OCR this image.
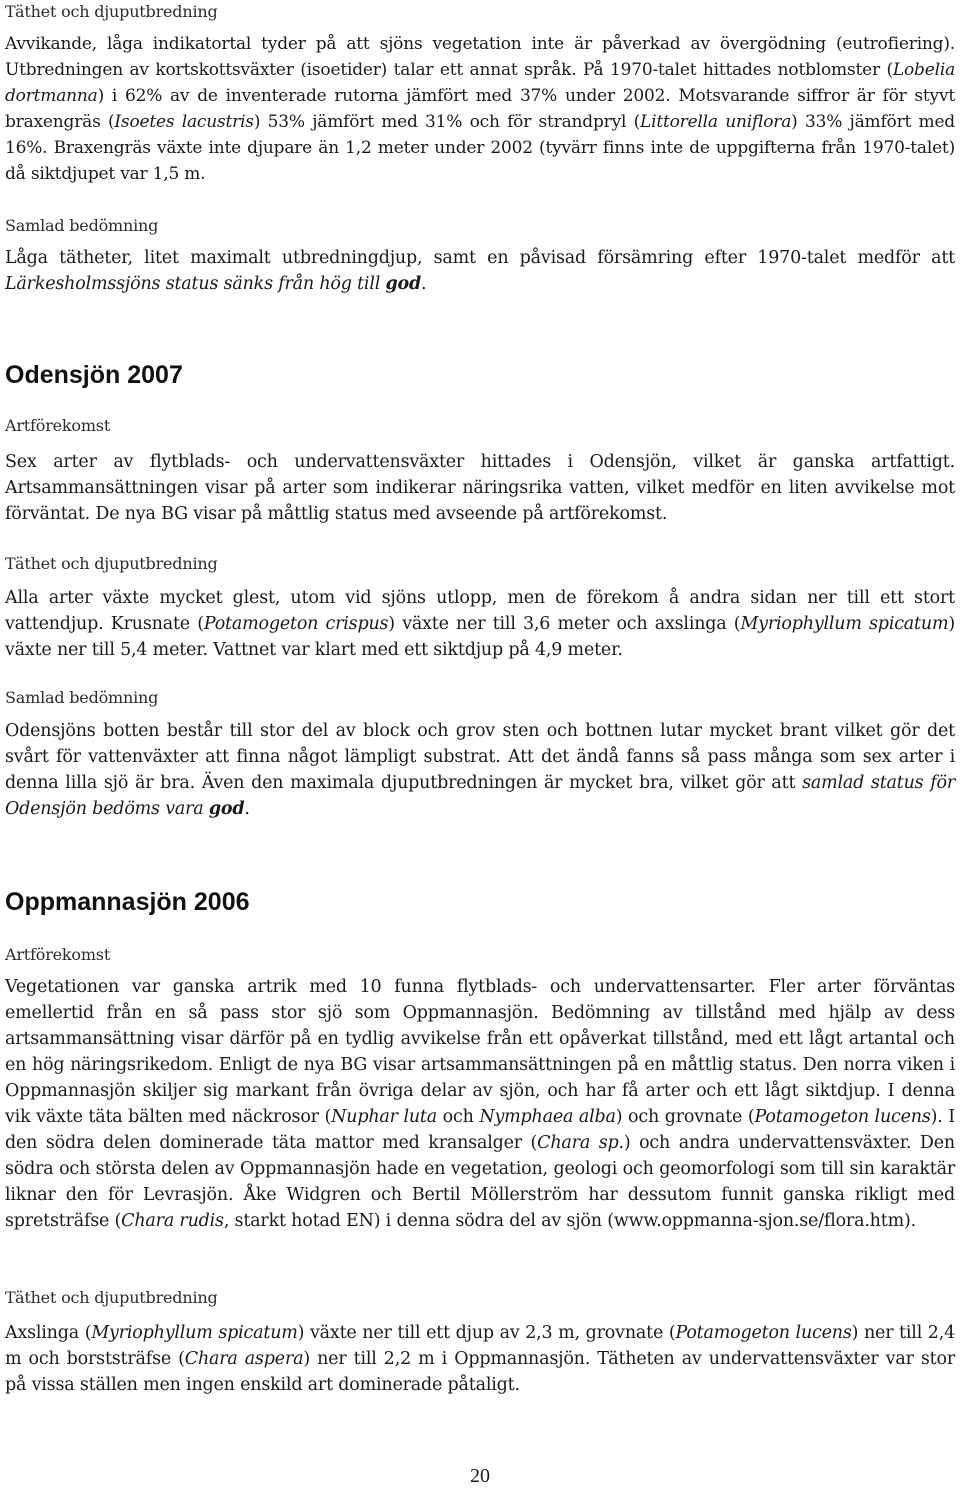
Täthet och djuputbredning
Avvikande, låga indikatortal tyder på att sjöns vegetation inte är påverkad av övergödning (eutrofiering). Utbredningen av kortskottsväxter (isoetider) talar ett annat språk. På 1970-talet hittades notblomster (Lobelia dortmanna) i 62% av de inventerade rutorna jämfört med 37% under 2002. Motsvarande siffror är för styvt braxengräs (Isoetes lacustris) 53% jämfört med 31% och för strandpryl (Littorella uniflora) 33% jämfört med 16%. Braxengräs växte inte djupare än 1,2 meter under 2002 (tyvärr finns inte de uppgifterna från 1970-talet) då siktdjupet var 1,5 m.
Samlad bedömning
Låga tätheter, litet maximalt utbredningdjup, samt en påvisad försämring efter 1970-talet medför att Lärkesholmssjöns status sänks från hög till god.
Odensjön 2007
Artförekomst
Sex arter av flytblads- och undervattensväxter hittades i Odensjön, vilket är ganska artfattigt. Artsammansättningen visar på arter som indikerar näringsrika vatten, vilket medför en liten avvikelse mot förväntat. De nya BG visar på måttlig status med avseende på artförekomst.
Täthet och djuputbredning
Alla arter växte mycket glest, utom vid sjöns utlopp, men de förekom å andra sidan ner till ett stort vattendjup. Krusnate (Potamogeton crispus) växte ner till 3,6 meter och axslinga (Myriophyllum spicatum) växte ner till 5,4 meter. Vattnet var klart med ett siktdjup på 4,9 meter.
Samlad bedömning
Odensjöns botten består till stor del av block och grov sten och bottnen lutar mycket brant vilket gör det svårt för vattenväxter att finna något lämpligt substrat. Att det ändå fanns så pass många som sex arter i denna lilla sjö är bra. Även den maximala djuputbredningen är mycket bra, vilket gör att samlad status för Odensjön bedöms vara god.
Oppmannasjön 2006
Artförekomst
Vegetationen var ganska artrik med 10 funna flytblads- och undervattensarter. Fler arter förväntas emellertid från en så pass stor sjö som Oppmannasjön. Bedömning av tillstånd med hjälp av dess artsammansättning visar därför på en tydlig avvikelse från ett opåverkat tillstånd, med ett lågt artantal och en hög näringsrikedom. Enligt de nya BG visar artsammansättningen på en måttlig status. Den norra viken i Oppmannasjön skiljer sig markant från övriga delar av sjön, och har få arter och ett lågt siktdjup. I denna vik växte täta bälten med näckrosor (Nuphar luta och Nymphaea alba) och grovnate (Potamogeton lucens). I den södra delen dominerade täta mattor med kransalger (Chara sp.) och andra undervattensväxter. Den södra och största delen av Oppmannasjön hade en vegetation, geologi och geomorfologi som till sin karaktär liknar den för Levrasjön. Åke Widgren och Bertil Möllerström har dessutom funnit ganska rikligt med spretsträfse (Chara rudis, starkt hotad EN) i denna södra del av sjön (www.oppmanna-sjon.se/flora.htm).
Täthet och djuputbredning
Axslinga (Myriophyllum spicatum) växte ner till ett djup av 2,3 m, grovnate (Potamogeton lucens) ner till 2,4 m och borststräfse (Chara aspera) ner till 2,2 m i Oppmannasjön. Tätheten av undervattensväxter var stor på vissa ställen men ingen enskild art dominerade påtaligt.
20
